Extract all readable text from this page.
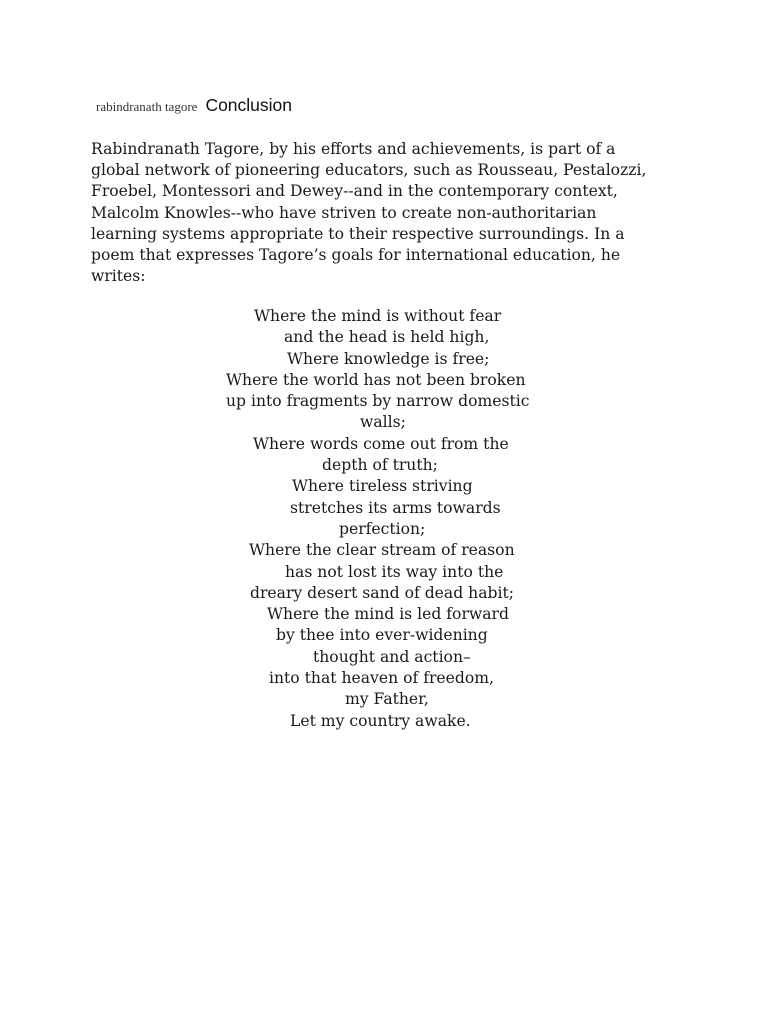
rabindranath tagore Conclusion
Rabindranath Tagore, by his efforts and achievements, is part of a
global network of pioneering educators, such as Rousseau, Pestalozzi,
Froebel, Montessori and Dewey--and in the contemporary context,
Malcolm Knowles--who have striven to create non-authoritarian
learning systems appropriate to their respective surroundings. In a
poem that expresses Tagore’s goals for international education, he
writes:
Where the mind is without fear
and the head is held high,
Where knowledge is free;
Where the world has not been broken
up into fragments by narrow domestic
walls;
Where words come out from the
depth of truth;
Where tireless striving
stretches its arms towards
perfection;
Where the clear stream of reason
has not lost its way into the
dreary desert sand of dead habit;
Where the mind is led forward
by thee into ever-widening
thought and action–
into that heaven of freedom,
my Father,
Let my country awake.
